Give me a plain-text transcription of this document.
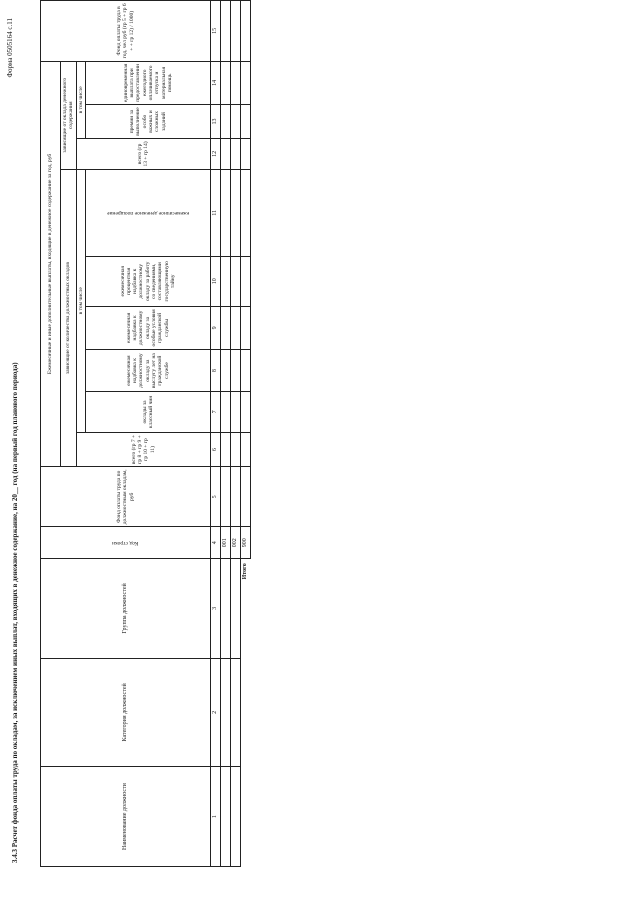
Форма 0505164 с.11
3.4.3 Расчет фонда оплаты труда по окладам, за исключением иных выплат, входящих в денежное содержание, на 20__ год (на первый год планового периода)	Наименование должности	Категория должностей	Группа должностей	Код строки	Фонд оплаты труда по должностным окладам, руб	Ежемесячные и иные дополнительные выплаты, входящие в денежное содержание за год, руб									Фонд оплаты труда в год, чел руб (гр 5 + гр 6 + + гр 12) / 1000)
					зависящие от количества должностных окладов						зависящие от оклада денежного содержания			
					всего (гр 7 + гр 8 + гр 9 + гр 10 + гр 11)	в том числе					всего (гр 13 + гр 14)	в том числе		
						оклады за классный чин	ежемесячная надбавка к должностному окладу за выслугу лет на гражданской службе	ежемесячная надбавка к должностному окладу за особые условия гражданской службы	ежемесячная процентная надбавка к должностному окладу за работу со сведениями, составляющими государственную тайну	ежемесячное денежное поощрение		премии за выполнение особо важных и сложных заданий	единовременная выплата при предоставлении ежегодного оплачиваемого отпуска и материальная помощь	
1	2	3	4	5	6	7	8	9	10	11	12	13	14	15
			001											
			002											
Итого			900											
